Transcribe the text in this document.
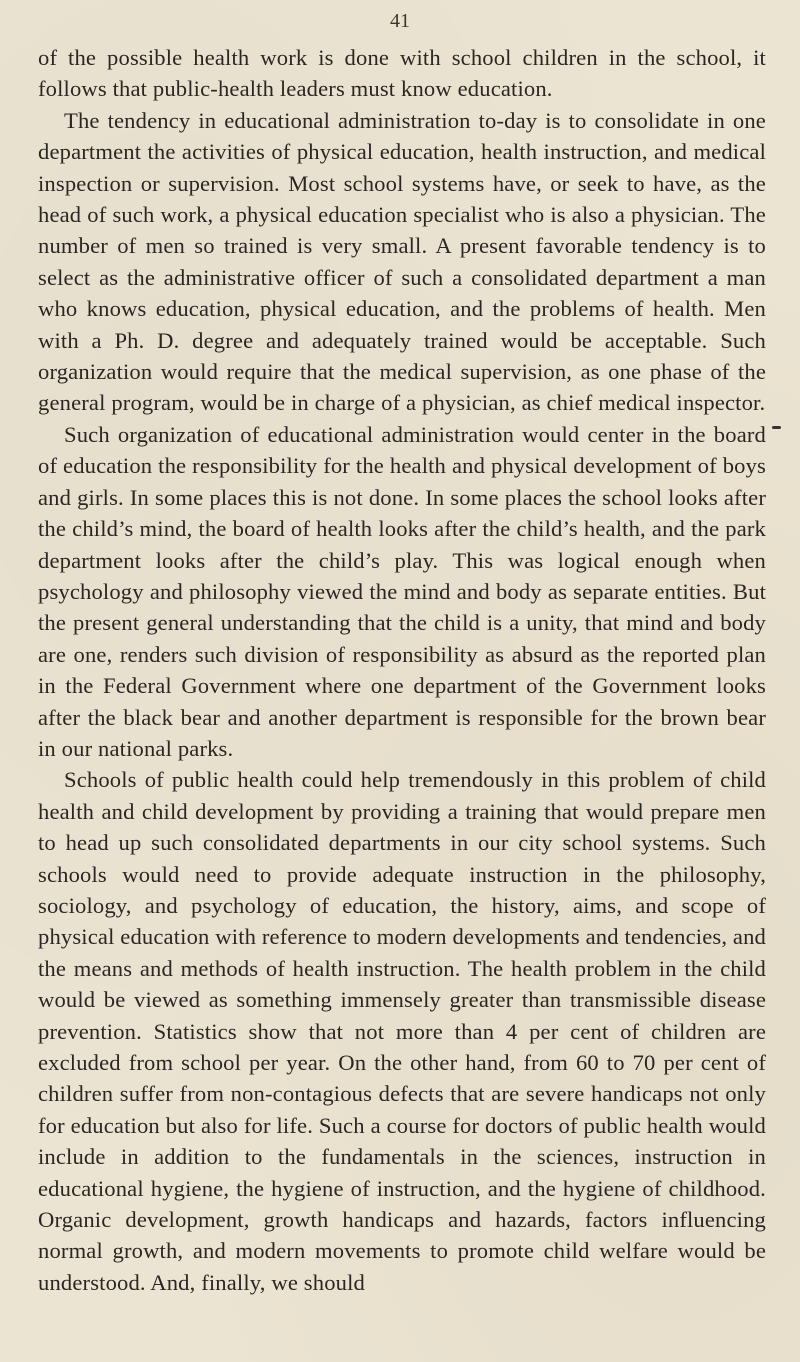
41

of the possible health work is done with school children in the school, it follows that public-health leaders must know education.

The tendency in educational administration to-day is to consolidate in one department the activities of physical education, health instruction, and medical inspection or supervision. Most school systems have, or seek to have, as the head of such work, a physical education specialist who is also a physician. The number of men so trained is very small. A present favorable tendency is to select as the administrative officer of such a consolidated department a man who knows education, physical education, and the problems of health. Men with a Ph. D. degree and adequately trained would be acceptable. Such organization would require that the medical supervision, as one phase of the general program, would be in charge of a physician, as chief medical inspector.

Such organization of educational administration would center in the board of education the responsibility for the health and physical development of boys and girls. In some places this is not done. In some places the school looks after the child’s mind, the board of health looks after the child’s health, and the park department looks after the child’s play. This was logical enough when psychology and philosophy viewed the mind and body as separate entities. But the present general understanding that the child is a unity, that mind and body are one, renders such division of responsibility as absurd as the reported plan in the Federal Government where one department of the Government looks after the black bear and another department is responsible for the brown bear in our national parks.

Schools of public health could help tremendously in this problem of child health and child development by providing a training that would prepare men to head up such consolidated departments in our city school systems. Such schools would need to provide adequate instruction in the philosophy, sociology, and psychology of education, the history, aims, and scope of physical education with reference to modern developments and tendencies, and the means and methods of health instruction. The health problem in the child would be viewed as something immensely greater than transmissible disease prevention. Statistics show that not more than 4 per cent of children are excluded from school per year. On the other hand, from 60 to 70 per cent of children suffer from non-contagious defects that are severe handicaps not only for education but also for life. Such a course for doctors of public health would include in addition to the fundamentals in the sciences, instruction in educational hygiene, the hygiene of instruction, and the hygiene of childhood. Organic development, growth handicaps and hazards, factors influencing normal growth, and modern movements to promote child welfare would be understood. And, finally, we should
